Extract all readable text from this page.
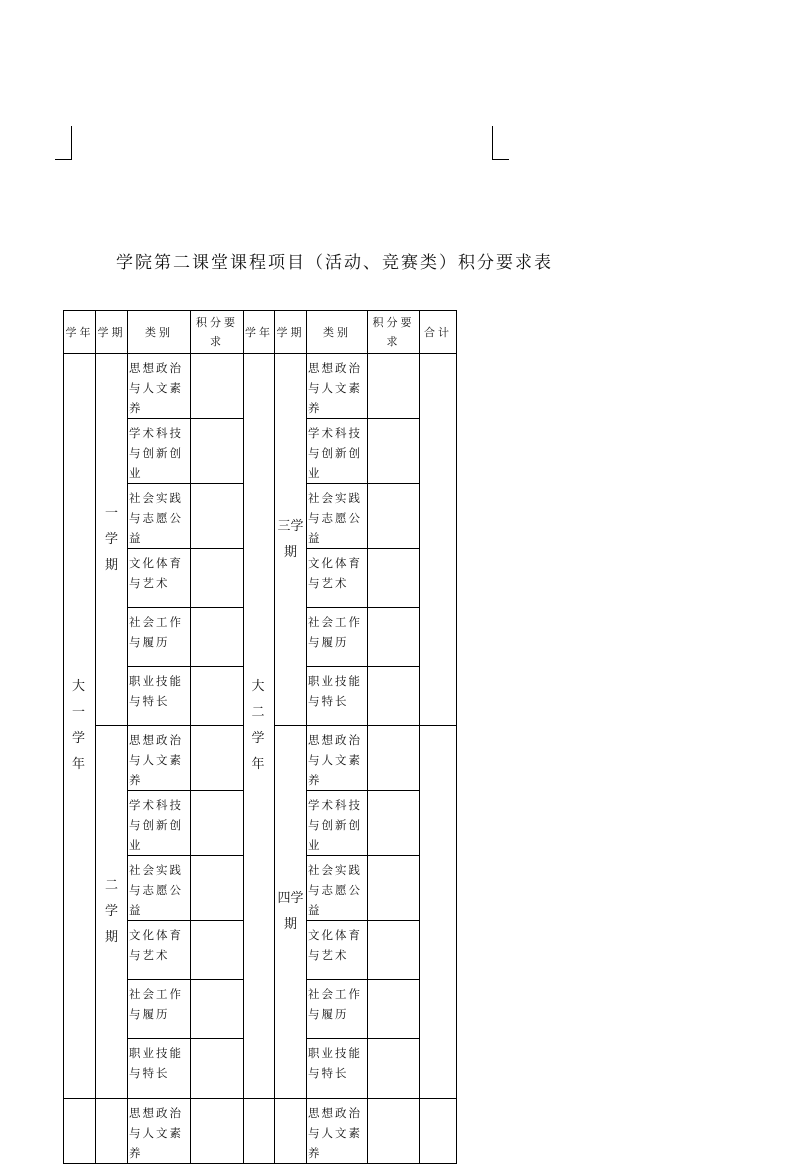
学院第二课堂课程项目（活动、竞赛类）积分要求表
学年	学期	类别	积分要求	学年	学期	类别	积分要求	合计
大一学年	一学期	思想政治与人文素养		大二学年	三学期	思想政治与人文素养		
		学术科技与创新创业				学术科技与创新创业		
		社会实践与志愿公益				社会实践与志愿公益		
		文化体育与艺术				文化体育与艺术		
		社会工作与履历				社会工作与履历		
		职业技能与特长				职业技能与特长		
	二学期	思想政治与人文素养			四学期	思想政治与人文素养		
		学术科技与创新创业				学术科技与创新创业		
		社会实践与志愿公益				社会实践与志愿公益		
		文化体育与艺术				文化体育与艺术		
		社会工作与履历				社会工作与履历		
		职业技能与特长				职业技能与特长		
		思想政治与人文素养				思想政治与人文素养		
